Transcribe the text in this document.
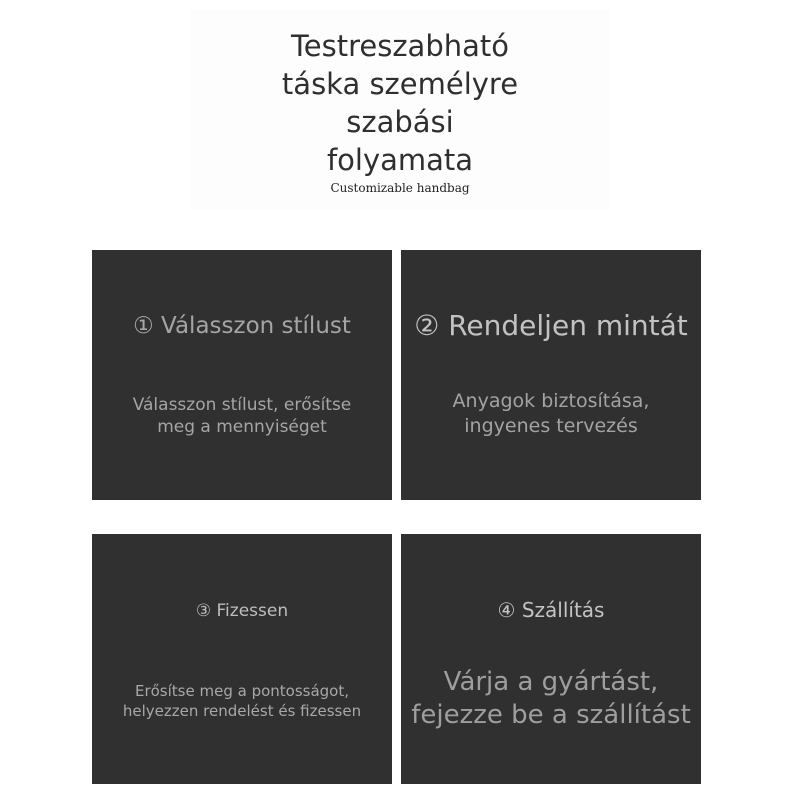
Testreszabható
táska személyre
szabási
folyamata
Customizable handbag
① Válasszon stílust
Válasszon stílust, erősítse
meg a mennyiséget
② Rendeljen mintát
Anyagok biztosítása,
ingyenes tervezés
③ Fizessen
Erősítse meg a pontosságot,
helyezzen rendelést és fizessen
④ Szállítás
Várja a gyártást,
fejezze be a szállítást
